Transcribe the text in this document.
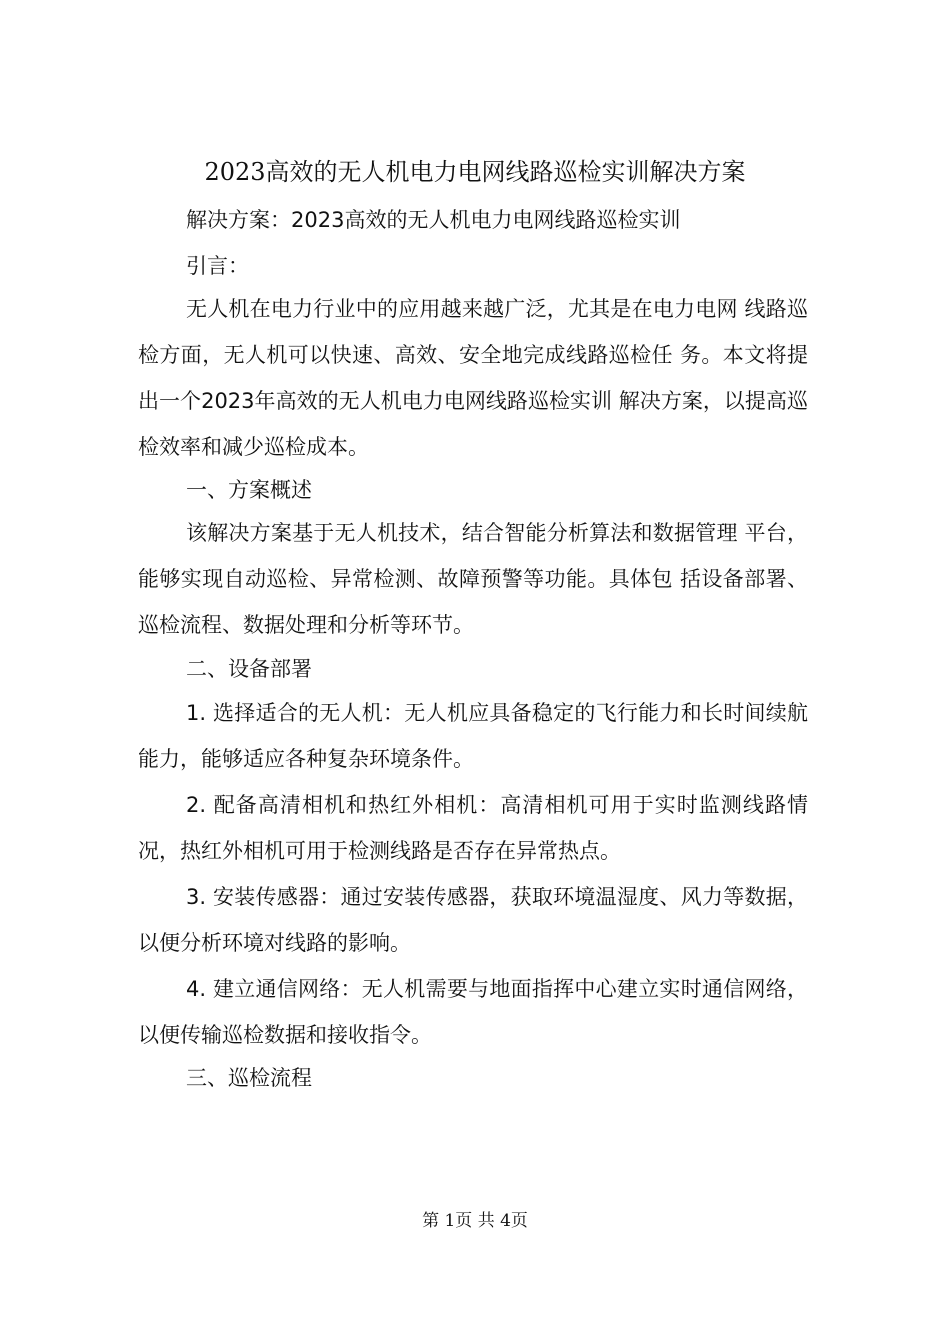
2023高效的无人机电力电网线路巡检实训解决方案
解决方案：2023高效的无人机电力电网线路巡检实训
引言：

无人机在电力行业中的应用越来越广泛，尤其是在电力电网 线路巡检方面，无人机可以快速、高效、安全地完成线路巡检任 务。本文将提出一个2023年高效的无人机电力电网线路巡检实训 解决方案，以提高巡检效率和减少巡检成本。

一、方案概述

该解决方案基于无人机技术，结合智能分析算法和数据管理 平台，能够实现自动巡检、异常检测、故障预警等功能。具体包 括设备部署、巡检流程、数据处理和分析等环节。

二、设备部署

1. 选择适合的无人机：无人机应具备稳定的飞行能力和长时间续航能力，能够适应各种复杂环境条件。

2. 配备高清相机和热红外相机：高清相机可用于实时监测线路情况，热红外相机可用于检测线路是否存在异常热点。

3. 安装传感器：通过安装传感器，获取环境温湿度、风力等数据，以便分析环境对线路的影响。

4. 建立通信网络：无人机需要与地面指挥中心建立实时通信网络，以便传输巡检数据和接收指令。

三、巡检流程
第 1页 共 4页
